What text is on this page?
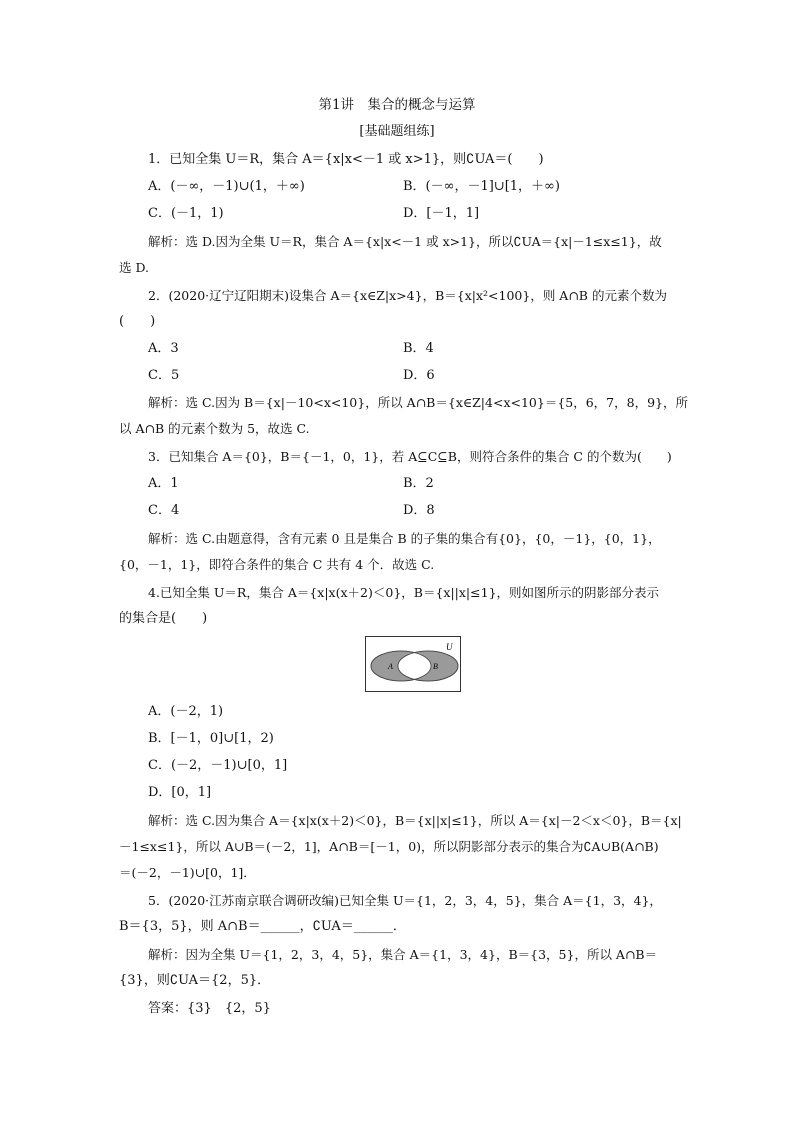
第1讲　集合的概念与运算
[基础题组练]
1．已知全集 U＝R，集合 A＝{x|x<－1 或 x>1}，则∁UA＝(　　)
A．(－∞，－1)∪(1，＋∞)	B．(－∞，－1]∪[1，＋∞)
C．(－1，1)	D．[－1，1]
解析：选 D.因为全集 U＝R，集合 A＝{x|x<－1 或 x>1}，所以∁UA＝{x|－1≤x≤1}，故
选 D.
2．(2020·辽宁辽阳期末)设集合 A＝{x∈Z|x>4}，B＝{x|x²<100}，则 A∩B 的元素个数为
(　　)
A．3	B．4
C．5	D．6
解析：选 C.因为 B＝{x|－10<x<10}，所以 A∩B＝{x∈Z|4<x<10}＝{5，6，7，8，9}，所
以 A∩B 的元素个数为 5，故选 C.
3．已知集合 A＝{0}，B＝{－1，0，1}，若 A⊆C⊆B，则符合条件的集合 C 的个数为(　　)
A．1	B．2
C．4	D．8
解析：选 C.由题意得，含有元素 0 且是集合 B 的子集的集合有{0}，{0，－1}，{0，1}，
{0，－1，1}，即符合条件的集合 C 共有 4 个．故选 C.
4.已知全集 U＝R，集合 A＝{x|x(x＋2)＜0}，B＝{x||x|≤1}，则如图所示的阴影部分表示
的集合是(　　)
U
A	B
A．(－2，1)
B．[－1，0]∪[1，2)
C．(－2，－1)∪[0，1]
D．[0，1]
解析：选 C.因为集合 A＝{x|x(x＋2)＜0}，B＝{x||x|≤1}，所以 A＝{x|－2＜x＜0}，B＝{x|
－1≤x≤1}，所以 A∪B＝(－2，1]，A∩B＝[－1，0)，所以阴影部分表示的集合为∁A∪B(A∩B)
＝(－2，－1)∪[0，1]．
5．(2020·江苏南京联合调研改编)已知全集 U＝{1，2，3，4，5}，集合 A＝{1，3，4}，
B＝{3，5}，则 A∩B＝______，∁UA＝______．
解析：因为全集 U＝{1，2，3，4，5}，集合 A＝{1，3，4}，B＝{3，5}，所以 A∩B＝
{3}，则∁UA＝{2，5}．
答案：{3}　{2，5}
